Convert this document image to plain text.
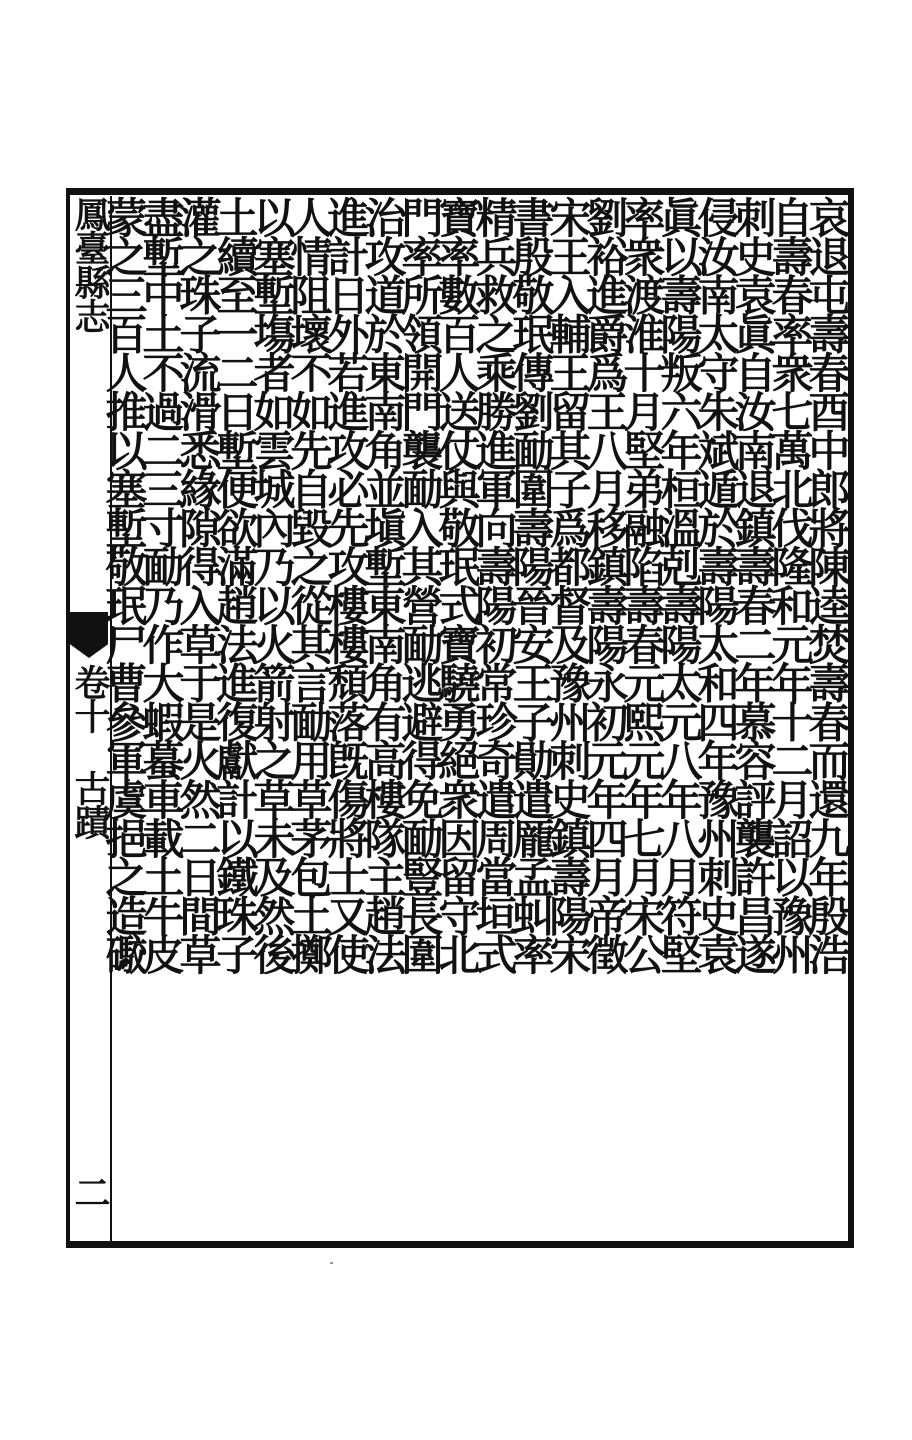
鳳臺縣志
卷十
古蹟
二
哀退屯壽春酉中郎將陳逵焚壽春而還九年殷浩
自壽春率衆七萬北伐隆和元年十二月詔以豫州
刺史袁眞自汝南退鎮壽春二年慕容評襲許昌遂
侵汝南太守朱斌遁於壽陽太和四年豫州刺史袁
眞以壽陽叛六年桓溫剋壽陽太元八年八月符堅
率衆渡淮十月堅弟融陷壽春元熙元年七月宋公
劉裕進爵爲王八月移鎮壽陽永初元年四月帝徵
宋王入輔王留其子爲都督及豫州刺史鎮壽陽宋
書殷敬珉傳劉勔圍壽陽晉安王子勛遣龎孟虯率
精兵救之乘勝進軍向壽陽初常珍奇遣周當垣式
寶率數百人送仗與敬珉式寶驍勇絕衆因留守北
門率所領開門襲勔入其營勔逃避得免勔豎長圍
治攻道於東南角並塡塹東南角有高樓隊主趙法
進計日外若進攻必先攻樓樓頹落旣傷將士又使
人情阻壞不如先自毀之從其言勔用草茅包土擲
以塞塹塲者如雲城內乃以火箭射之草未及然後
土續至一二日塹便欲滿趙法進復獻計以鐵珠子
灌之珠子流滑悉緣隙得入草于是火然二日間草
盡塹中土不過二三寸勔乃作大蝦蟇車載土牛皮
蒙之三百人推以塞塹敬珉尸曹參軍虞挹之造礮
